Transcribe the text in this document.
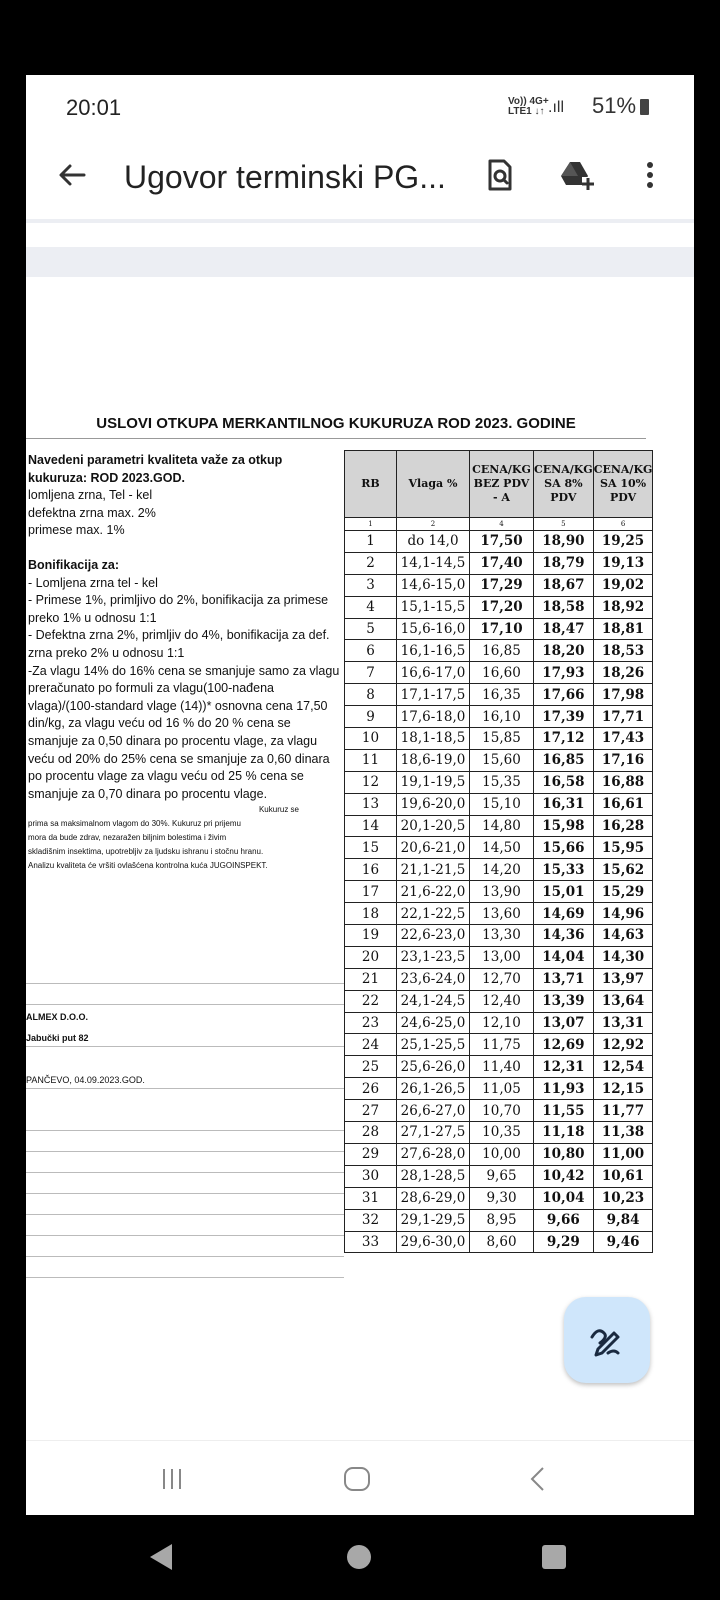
20:01	Vo)) 4G+
LTE1 ↓↑ .ıll 51%
Ugovor terminski PG...
USLOVI OTKUPA MERKANTILNOG KUKURUZA ROD 2023. GODINE

Navedeni parametri kvaliteta važe za otkup

kukuruza: ROD 2023.GOD.

lomljena zrna, Tel - kel

defektna zrna max. 2%

primese max. 1%

Bonifikacija za:

- Lomljena zrna tel - kel

- Primese 1%, primljivo do 2%, bonifikacija za primese preko 1% u odnosu 1:1

- Defektna zrna 2%, primljiv do 4%, bonifikacija za def. zrna preko 2% u odnosu 1:1

-Za vlagu 14% do 16% cena se smanjuje samo za vlagu preračunato po formuli za vlagu(100-nađena vlaga)/(100-standard vlage (14))* osnovna cena 17,50 din/kg, za vlagu veću od 16 % do 20 % cena se smanjuje za 0,50 dinara po procentu vlage, za vlagu veću od 20% do 25% cena se smanjuje za 0,60 dinara po procentu vlage za vlagu veću od 25 % cena se smanjuje za 0,70 dinara po procentu vlage.

Kukuruz se

prima sa maksimalnom vlagom do 30%. Kukuruz pri prijemu

mora da bude zdrav, nezaražen biljnim bolestima i živim

skladišnim insektima, upotrebljiv za ljudsku ishranu i stočnu hranu.

Analizu kvaliteta će vršiti ovlašćena kontrolna kuća JUGOINSPEKT.

ALMEX D.O.O.
Jabučki put 82
PANČEVO, 04.09.2023.GOD.
RB	Vlaga %	CENA/KG BEZ PDV - A	CENA/KG SA 8% PDV	CENA/KG SA 10% PDV
1	2	4	5	6
1	do 14,0	17,50	18,90	19,25
2	14,1-14,5	17,40	18,79	19,13
3	14,6-15,0	17,29	18,67	19,02
4	15,1-15,5	17,20	18,58	18,92
5	15,6-16,0	17,10	18,47	18,81
6	16,1-16,5	16,85	18,20	18,53
7	16,6-17,0	16,60	17,93	18,26
8	17,1-17,5	16,35	17,66	17,98
9	17,6-18,0	16,10	17,39	17,71
10	18,1-18,5	15,85	17,12	17,43
11	18,6-19,0	15,60	16,85	17,16
12	19,1-19,5	15,35	16,58	16,88
13	19,6-20,0	15,10	16,31	16,61
14	20,1-20,5	14,80	15,98	16,28
15	20,6-21,0	14,50	15,66	15,95
16	21,1-21,5	14,20	15,33	15,62
17	21,6-22,0	13,90	15,01	15,29
18	22,1-22,5	13,60	14,69	14,96
19	22,6-23,0	13,30	14,36	14,63
20	23,1-23,5	13,00	14,04	14,30
21	23,6-24,0	12,70	13,71	13,97
22	24,1-24,5	12,40	13,39	13,64
23	24,6-25,0	12,10	13,07	13,31
24	25,1-25,5	11,75	12,69	12,92
25	25,6-26,0	11,40	12,31	12,54
26	26,1-26,5	11,05	11,93	12,15
27	26,6-27,0	10,70	11,55	11,77
28	27,1-27,5	10,35	11,18	11,38
29	27,6-28,0	10,00	10,80	11,00
30	28,1-28,5	9,65	10,42	10,61
31	28,6-29,0	9,30	10,04	10,23
32	29,1-29,5	8,95	9,66	9,84
33	29,6-30,0	8,60	9,29	9,46
